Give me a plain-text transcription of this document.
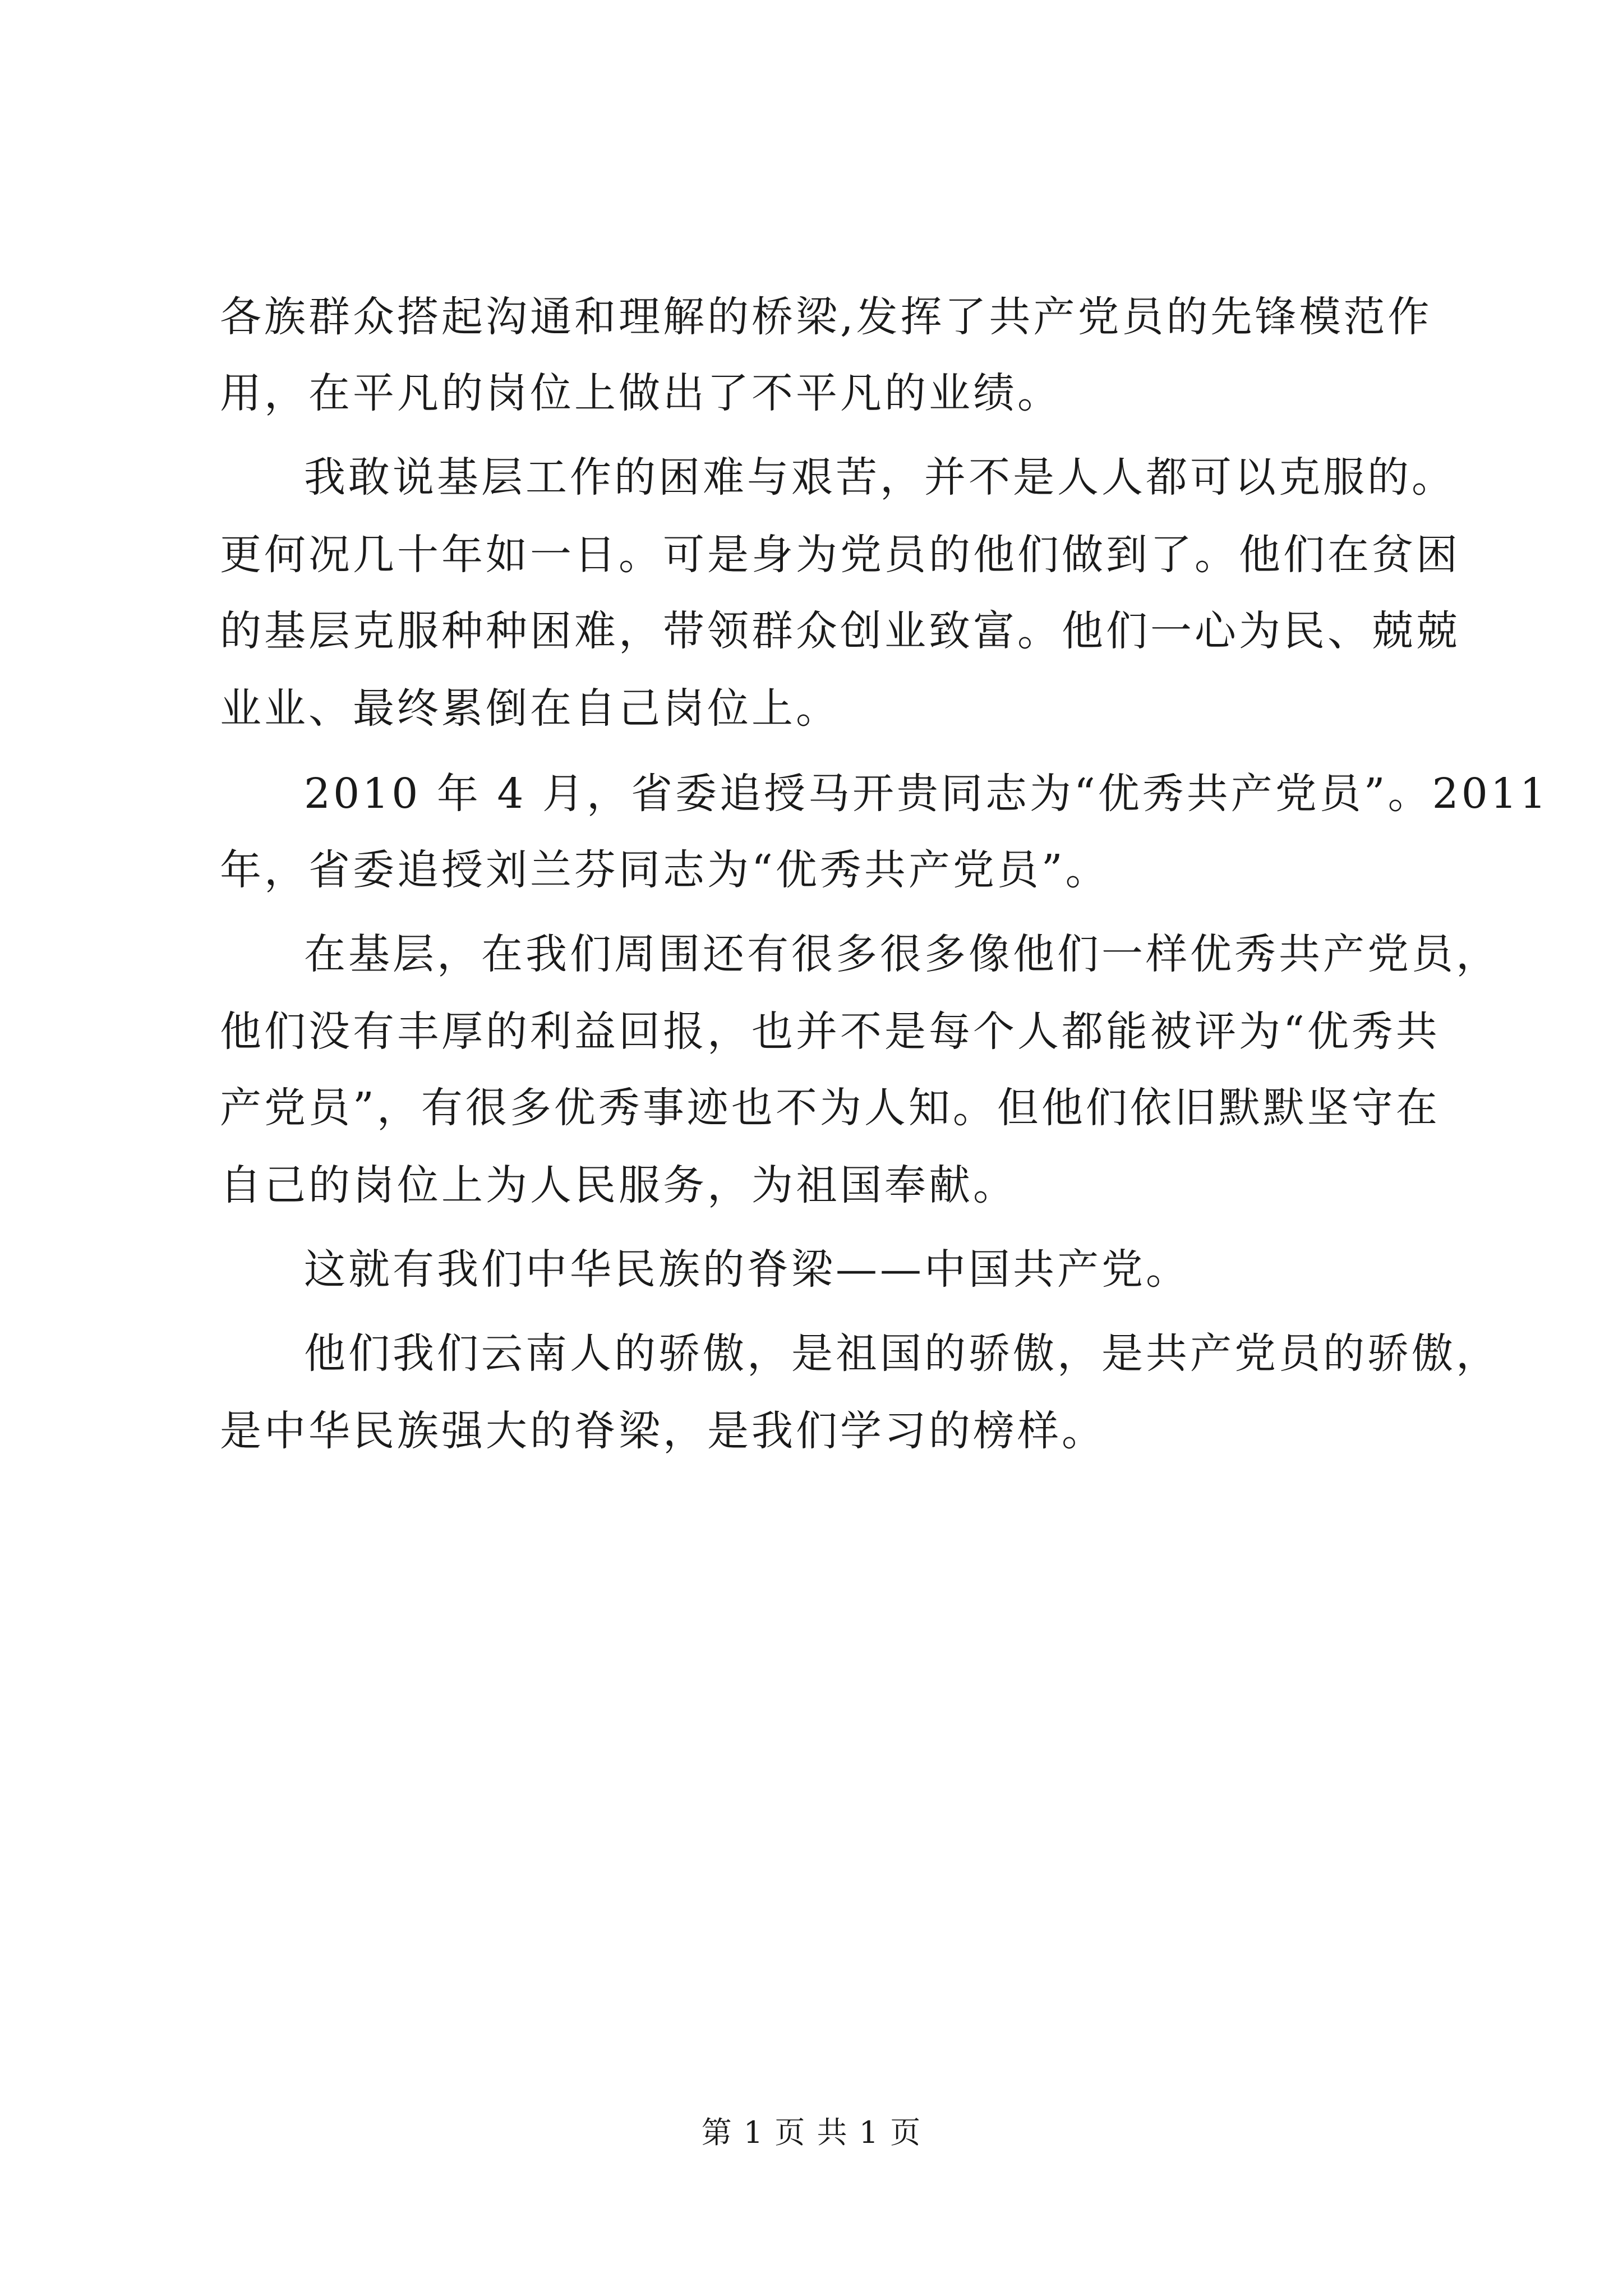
各族群众搭起沟通和理解的桥梁,发挥了共产党员的先锋模范作
用，在平凡的岗位上做出了不平凡的业绩。
我敢说基层工作的困难与艰苦，并不是人人都可以克服的。
更何况几十年如一日。可是身为党员的他们做到了。他们在贫困
的基层克服种种困难，带领群众创业致富。他们一心为民、兢兢
业业、最终累倒在自己岗位上。
2010 年 4 月，省委追授马开贵同志为“优秀共产党员”。2011
年，省委追授刘兰芬同志为“优秀共产党员”。
在基层，在我们周围还有很多很多像他们一样优秀共产党员，
他们没有丰厚的利益回报，也并不是每个人都能被评为“优秀共
产党员”，有很多优秀事迹也不为人知。但他们依旧默默坚守在
自己的岗位上为人民服务，为祖国奉献。
这就有我们中华民族的脊梁——中国共产党。
他们我们云南人的骄傲，是祖国的骄傲，是共产党员的骄傲，
是中华民族强大的脊梁，是我们学习的榜样。
第 1 页 共 1 页
